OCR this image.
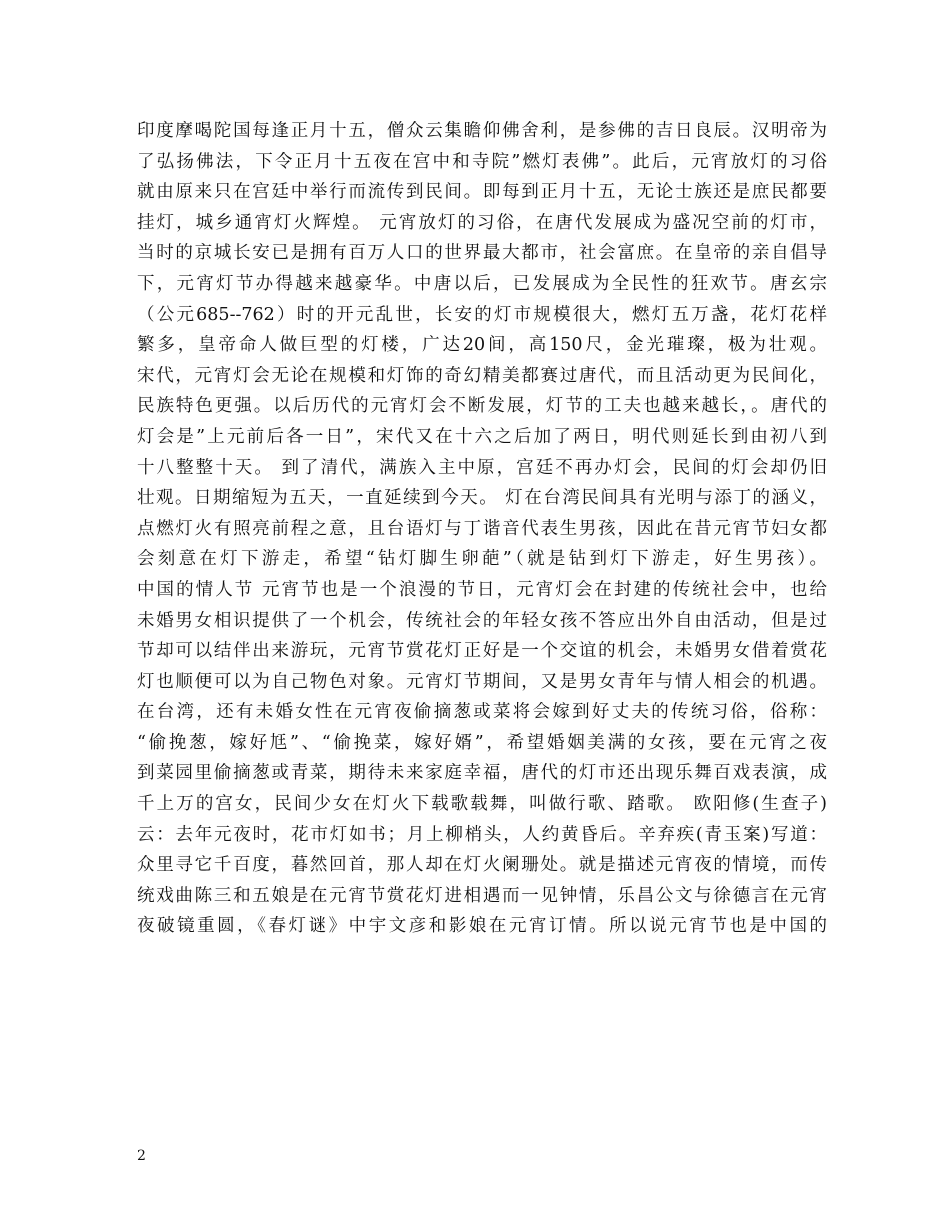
印度摩喝陀国每逢正月十五，僧众云集瞻仰佛舍利，是参佛的吉日良辰。汉明帝为
了弘扬佛法，下令正月十五夜在宫中和寺院”燃灯表佛”。此后，元宵放灯的习俗
就由原来只在宫廷中举行而流传到民间。即每到正月十五，无论士族还是庶民都要
挂灯，城乡通宵灯火辉煌。 元宵放灯的习俗，在唐代发展成为盛况空前的灯市，
当时的京城长安已是拥有百万人口的世界最大都市，社会富庶。在皇帝的亲自倡导
下，元宵灯节办得越来越豪华。中唐以后，已发展成为全民性的狂欢节。唐玄宗
（公元685--762）时的开元乱世，长安的灯市规模很大，燃灯五万盏，花灯花样
繁多，皇帝命人做巨型的灯楼，广达20间，高150尺，金光璀璨，极为壮观。
宋代，元宵灯会无论在规模和灯饰的奇幻精美都赛过唐代，而且活动更为民间化，
民族特色更强。以后历代的元宵灯会不断发展，灯节的工夫也越来越长，。唐代的
灯会是”上元前后各一日”，宋代又在十六之后加了两日，明代则延长到由初八到
十八整整十天。 到了清代，满族入主中原，宫廷不再办灯会，民间的灯会却仍旧
壮观。日期缩短为五天，一直延续到今天。 灯在台湾民间具有光明与添丁的涵义，
点燃灯火有照亮前程之意，且台语灯与丁谐音代表生男孩，因此在昔元宵节妇女都
会刻意在灯下游走，希望“钻灯脚生卵葩”（就是钻到灯下游走，好生男孩）。
中国的情人节 元宵节也是一个浪漫的节日，元宵灯会在封建的传统社会中，也给
未婚男女相识提供了一个机会，传统社会的年轻女孩不答应出外自由活动，但是过
节却可以结伴出来游玩，元宵节赏花灯正好是一个交谊的机会，未婚男女借着赏花
灯也顺便可以为自己物色对象。元宵灯节期间，又是男女青年与情人相会的机遇。
在台湾，还有未婚女性在元宵夜偷摘葱或菜将会嫁到好丈夫的传统习俗，俗称：
“偷挽葱，嫁好尪”、“偷挽菜，嫁好婿”，希望婚姻美满的女孩，要在元宵之夜
到菜园里偷摘葱或青菜，期待未来家庭幸福，唐代的灯市还出现乐舞百戏表演，成
千上万的宫女，民间少女在灯火下载歌载舞，叫做行歌、踏歌。 欧阳修(生查子)
云：去年元夜时，花市灯如书；月上柳梢头，人约黄昏后。辛弃疾(青玉案)写道：
众里寻它千百度，暮然回首，那人却在灯火阑珊处。就是描述元宵夜的情境，而传
统戏曲陈三和五娘是在元宵节赏花灯进相遇而一见钟情，乐昌公文与徐德言在元宵
夜破镜重圆，《春灯谜》中宇文彦和影娘在元宵订情。所以说元宵节也是中国的
2
